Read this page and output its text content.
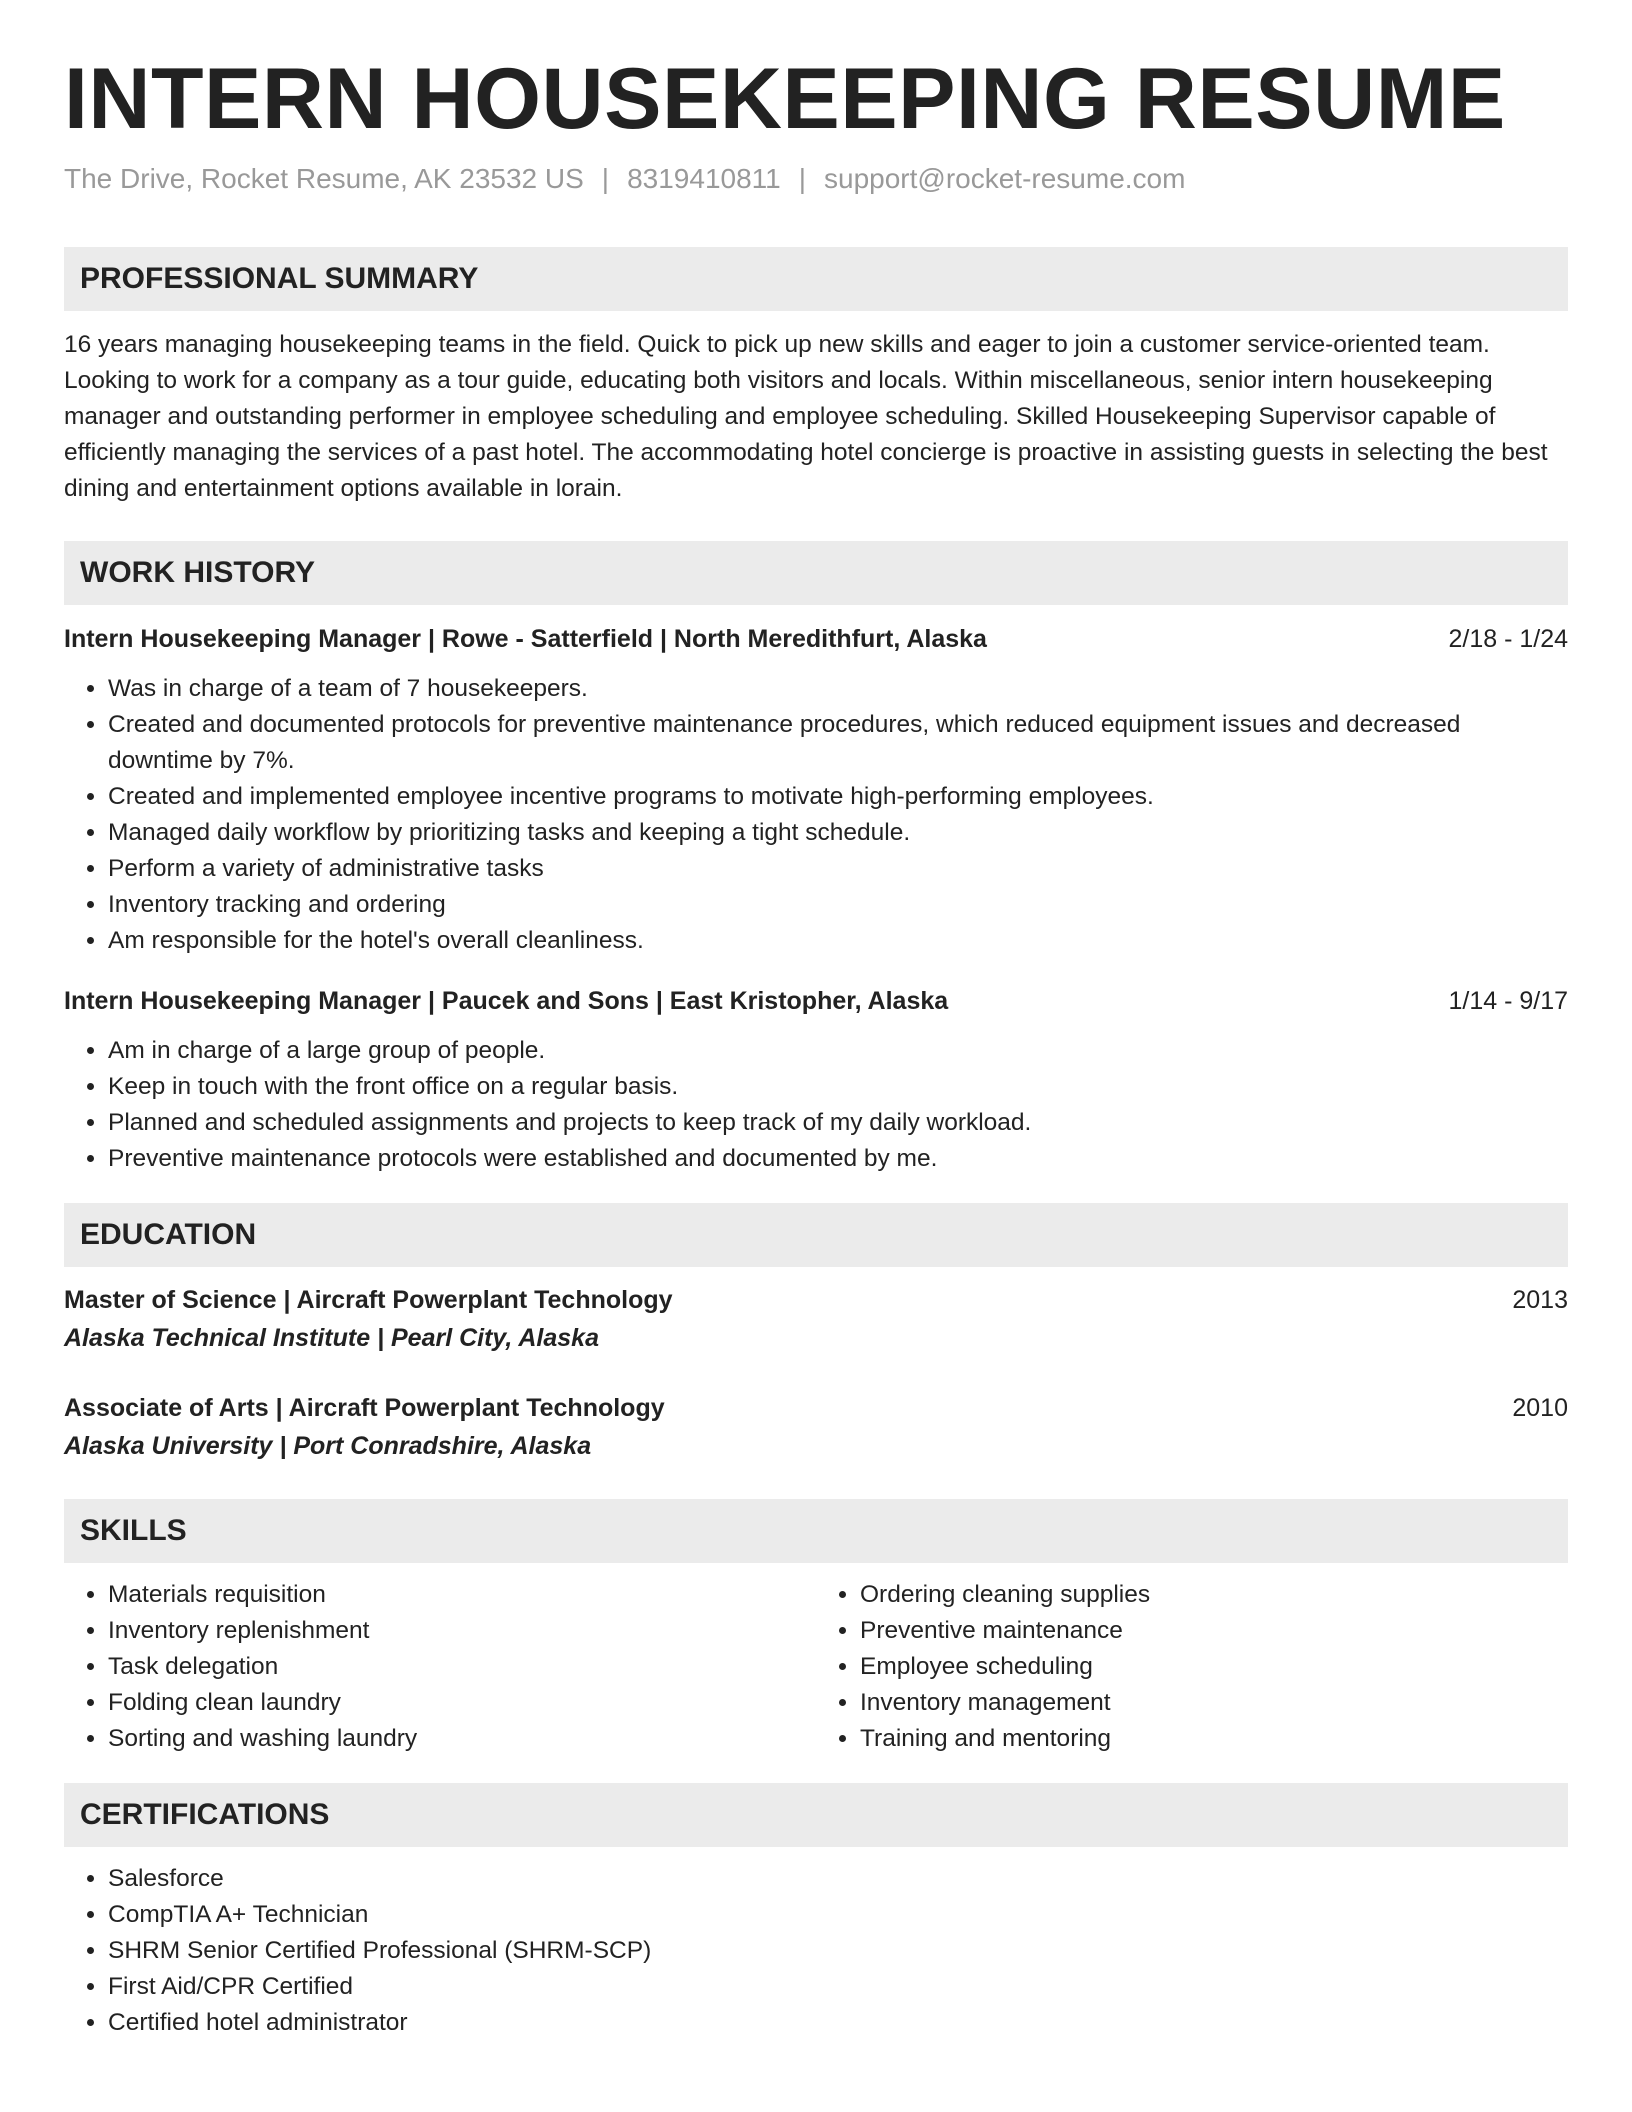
INTERN HOUSEKEEPING RESUME
The Drive, Rocket Resume, AK 23532 US | 8319410811 | support@rocket-resume.com
PROFESSIONAL SUMMARY
16 years managing housekeeping teams in the field. Quick to pick up new skills and eager to join a customer service-oriented team. Looking to work for a company as a tour guide, educating both visitors and locals. Within miscellaneous, senior intern housekeeping manager and outstanding performer in employee scheduling and employee scheduling. Skilled Housekeeping Supervisor capable of efficiently managing the services of a past hotel. The accommodating hotel concierge is proactive in assisting guests in selecting the best dining and entertainment options available in lorain.
WORK HISTORY
Intern Housekeeping Manager | Rowe - Satterfield | North Meredithfurt, Alaska	2/18 - 1/24
• Was in charge of a team of 7 housekeepers.
• Created and documented protocols for preventive maintenance procedures, which reduced equipment issues and decreased downtime by 7%.
• Created and implemented employee incentive programs to motivate high-performing employees.
• Managed daily workflow by prioritizing tasks and keeping a tight schedule.
• Perform a variety of administrative tasks
• Inventory tracking and ordering
• Am responsible for the hotel's overall cleanliness.
Intern Housekeeping Manager | Paucek and Sons | East Kristopher, Alaska	1/14 - 9/17
• Am in charge of a large group of people.
• Keep in touch with the front office on a regular basis.
• Planned and scheduled assignments and projects to keep track of my daily workload.
• Preventive maintenance protocols were established and documented by me.
EDUCATION
Master of Science | Aircraft Powerplant Technology	2013
Alaska Technical Institute | Pearl City, Alaska
Associate of Arts | Aircraft Powerplant Technology	2010
Alaska University | Port Conradshire, Alaska
SKILLS
• Materials requisition
• Inventory replenishment
• Task delegation
• Folding clean laundry
• Sorting and washing laundry
• Ordering cleaning supplies
• Preventive maintenance
• Employee scheduling
• Inventory management
• Training and mentoring
CERTIFICATIONS
• Salesforce
• CompTIA A+ Technician
• SHRM Senior Certified Professional (SHRM-SCP)
• First Aid/CPR Certified
• Certified hotel administrator
